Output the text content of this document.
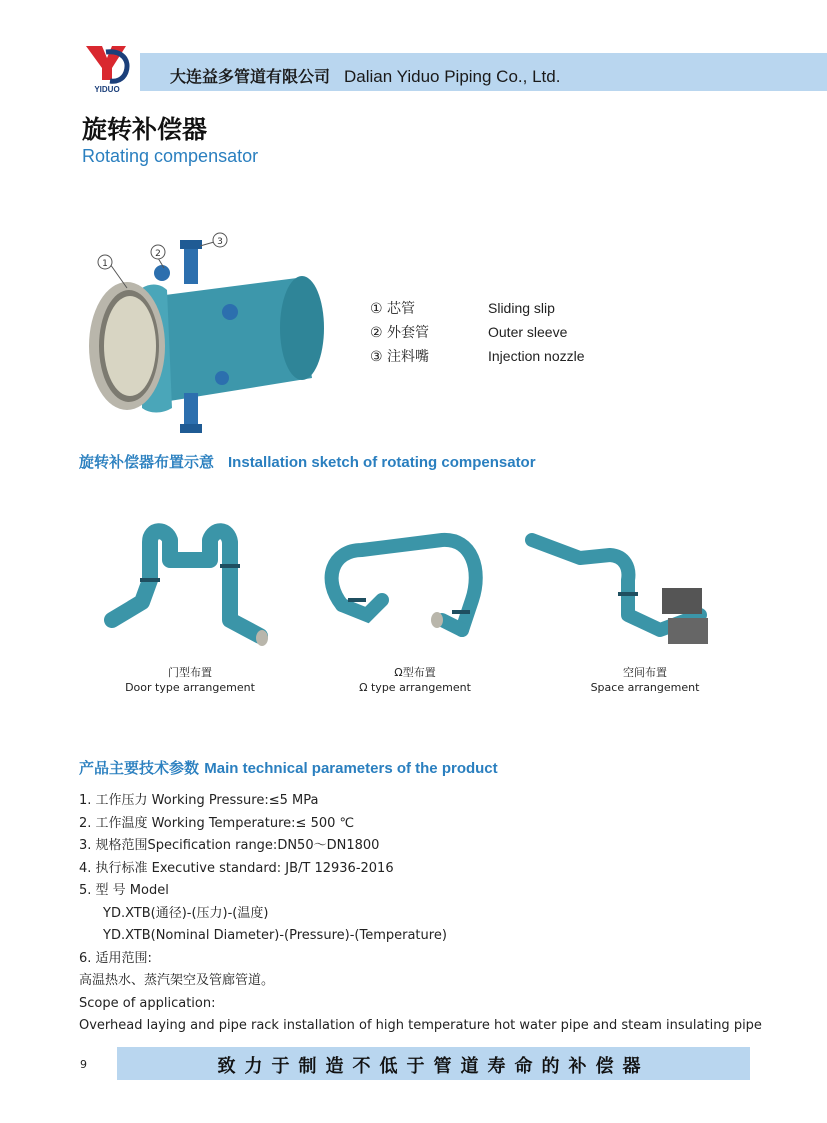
YIDUO
大连益多管道有限公司 Dalian Yiduo Piping Co., Ltd.
旋转补偿器
Rotating compensator
1
2
3
① 芯管	Sliding slip
② 外套管	Outer sleeve
③ 注料嘴	Injection nozzle
旋转补偿器布置示意 Installation sketch of rotating compensator
门型布置
Door type arrangement
Ω型布置
Ω type arrangement
空间布置
Space arrangement
产品主要技术参数 Main technical parameters of the product
1. 工作压力 Working Pressure:≤5 MPa
2. 工作温度 Working Temperature:≤ 500 ℃
3. 规格范围Specification range:DN50～DN1800
4. 执行标准 Executive standard: JB/T 12936-2016
5. 型 号 Model
YD.XTB(通径)-(压力)-(温度)
YD.XTB(Nominal Diameter)-(Pressure)-(Temperature)
6. 适用范围:
高温热水、蒸汽架空及管廊管道。
Scope of application:
Overhead laying and pipe rack installation of high temperature hot water pipe and steam insulating pipe
9	致力于制造不低于管道寿命的补偿器
